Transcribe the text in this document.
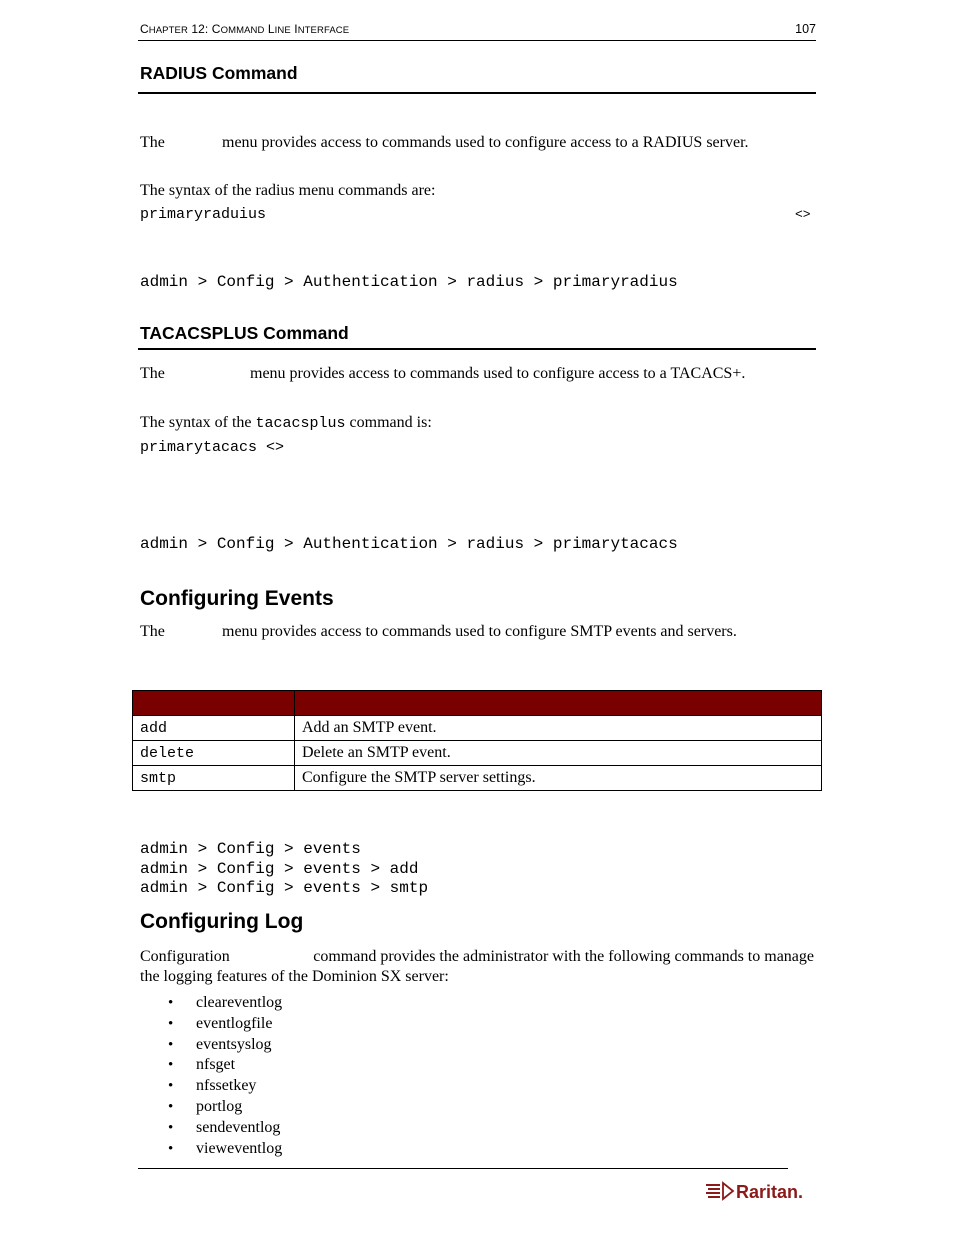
CHAPTER 12: COMMAND LINE INTERFACE	107
RADIUS Command
The	menu provides access to commands used to configure access to a RADIUS server.
The syntax of the radius menu commands are:
primaryraduius	<>
admin > Config > Authentication > radius > primaryradius
TACACSPLUS Command
The	menu provides access to commands used to configure access to a TACACS+.
The syntax of the tacacsplus command is:
primarytacacs <>
admin > Config > Authentication > radius > primarytacacs
Configuring Events
The	menu provides access to commands used to configure SMTP events and servers.

add	Add an SMTP event.
delete	Delete an SMTP event.
smtp	Configure the SMTP server settings.
admin > Config > events
admin > Config > events > add
admin > Config > events > smtp
Configuring Log
Configuration	command provides the administrator with the following commands to manage
the logging features of the Dominion SX server:
• cleareventlog
• eventlogfile
• eventsyslog
• nfsget
• nfssetkey
• portlog
• sendeventlog
• vieweventlog
Raritan.
